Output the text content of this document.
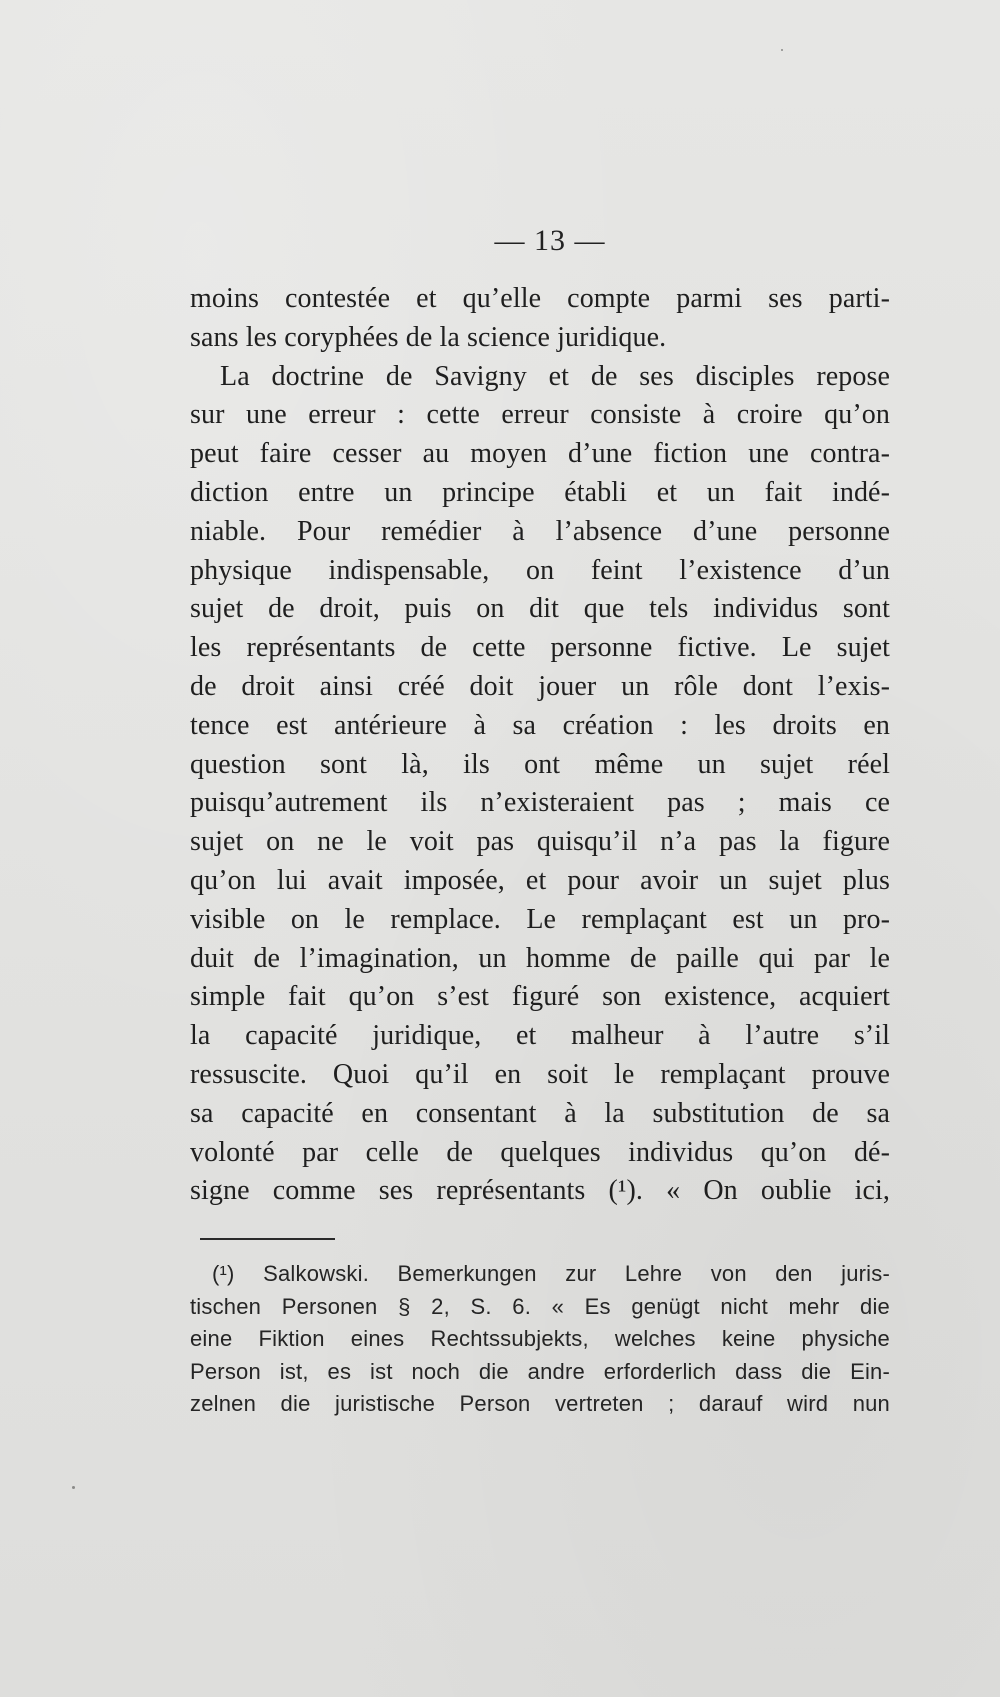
— 13 —
moins contestée et qu’elle compte parmi ses parti-
sans les coryphées de la science juridique.
La doctrine de Savigny et de ses disciples repose
sur une erreur : cette erreur consiste à croire qu’on
peut faire cesser au moyen d’une fiction une contra-
diction entre un principe établi et un fait indé-
niable. Pour remédier à l’absence d’une personne
physique indispensable, on feint l’existence d’un
sujet de droit, puis on dit que tels individus sont
les représentants de cette personne fictive. Le sujet
de droit ainsi créé doit jouer un rôle dont l’exis-
tence est antérieure à sa création : les droits en
question sont là, ils ont même un sujet réel
puisqu’autrement ils n’existeraient pas ; mais ce
sujet on ne le voit pas quisqu’il n’a pas la figure
qu’on lui avait imposée, et pour avoir un sujet plus
visible on le remplace. Le remplaçant est un pro-
duit de l’imagination, un homme de paille qui par le
simple fait qu’on s’est figuré son existence, acquiert
la capacité juridique, et malheur à l’autre s’il
ressuscite. Quoi qu’il en soit le remplaçant prouve
sa capacité en consentant à la substitution de sa
volonté par celle de quelques individus qu’on dé-
signe comme ses représentants (¹). « On oublie ici,
(¹) Salkowski. Bemerkungen zur Lehre von den juris-
tischen Personen § 2, S. 6. « Es genügt nicht mehr die
eine Fiktion eines Rechtssubjekts, welches keine physiche
Person ist, es ist noch die andre erforderlich dass die Ein-
zelnen die juristische Person vertreten ; darauf wird nun
